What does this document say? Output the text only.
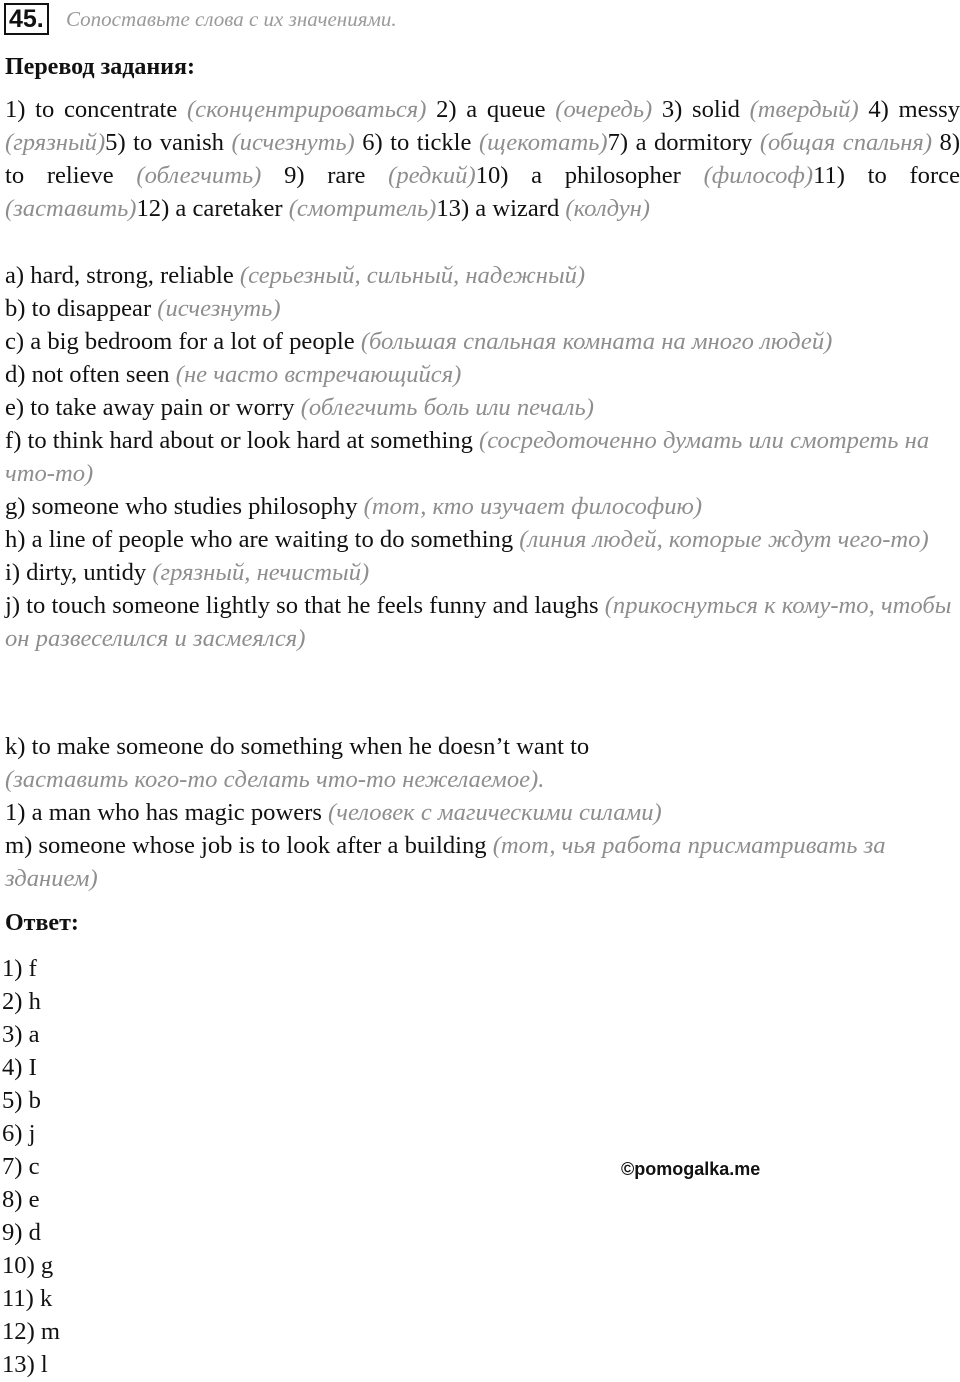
45. Сопоставьте слова с их значениями.
Перевод задания:
1) to concentrate (сконцентрироваться) 2) a queue (очередь) 3) solid (твердый) 4) messy (грязный)5) to vanish (исчезнуть) 6) to tickle (щекотать)7) a dormitory (общая спальня) 8) to relieve (облегчить) 9) rare (редкий)10) a philosopher (философ)11) to force (заставить)12) a caretaker (смотритель)13) a wizard (колдун)
a) hard, strong, reliable (серьезный, сильный, надежный)
b) to disappear (исчезнуть)
c) a big bedroom for a lot of people (большая спальная комната на много людей)
d) not often seen (не часто встречающийся)
e) to take away pain or worry (облегчить боль или печаль)
f) to think hard about or look hard at something (сосредоточенно думать или смотреть на что-то)
g) someone who studies philosophy (тот, кто изучает философию)
h) a line of people who are waiting to do something (линия людей, которые ждут чего-то)
i) dirty, untidy (грязный, нечистый)
j) to touch someone lightly so that he feels funny and laughs (прикоснуться к кому-то, чтобы он развеселился и засмеялся)
k) to make someone do something when he doesn’t want to
(заставить кого-то сделать что-то нежелаемое).
1) a man who has magic powers (человек с магическими силами)
m) someone whose job is to look after a building (тот, чья работа присматривать за зданием)
Ответ:
1) f
2) h
3) a
4) I
5) b
6) j
7) c
8) e
9) d
10) g
11) k
12) m
13) l
©pomogalka.me
